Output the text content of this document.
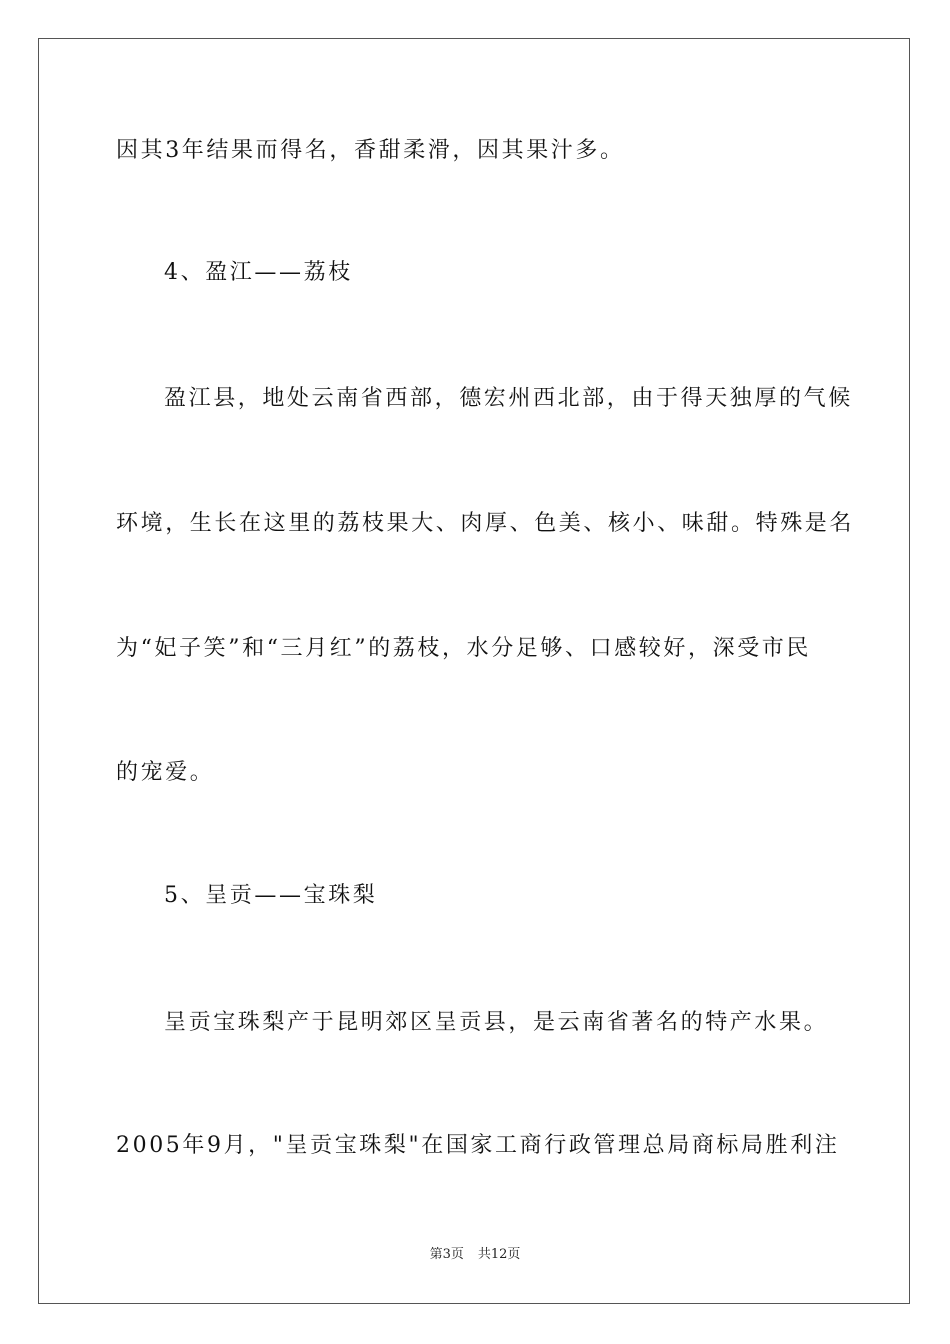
因其3年结果而得名，香甜柔滑，因其果汁多。
4、盈江——荔枝
盈江县，地处云南省西部，德宏州西北部，由于得天独厚的气候
环境，生长在这里的荔枝果大、肉厚、色美、核小、味甜。特殊是名
为“妃子笑”和“三月红”的荔枝，水分足够、口感较好，深受市民
的宠爱。
5、呈贡——宝珠梨
呈贡宝珠梨产于昆明郊区呈贡县，是云南省著名的特产水果。
2005年9月，"呈贡宝珠梨"在国家工商行政管理总局商标局胜利注
第3页 共12页
